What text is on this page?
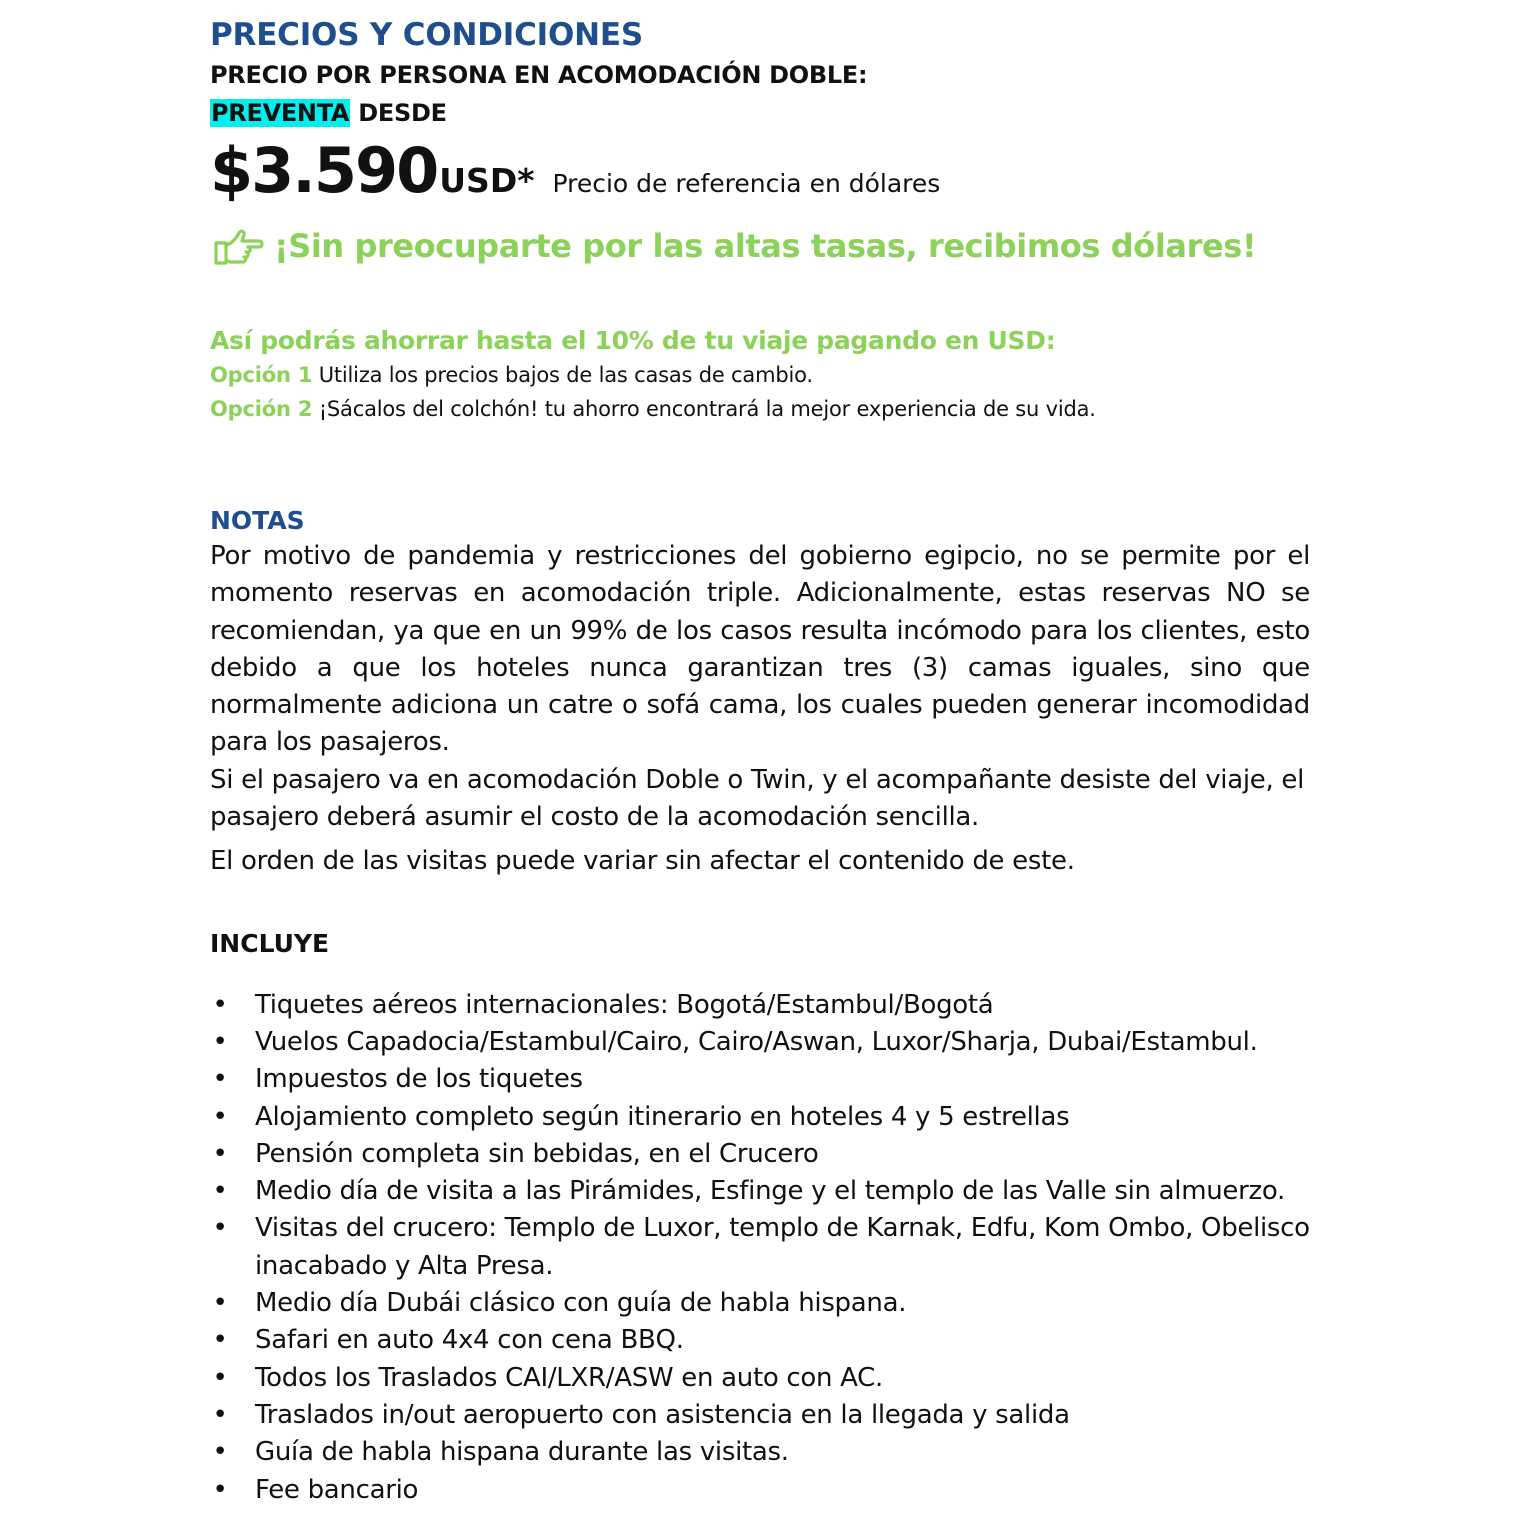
PRECIOS Y CONDICIONES

PRECIO POR PERSONA EN ACOMODACIÓN DOBLE:

PREVENTA DESDE

$3.590 USD* Precio de referencia en dólares
¡Sin preocuparte por las altas tasas, recibimos dólares!

Así podrás ahorrar hasta el 10% de tu viaje pagando en USD:

Opción 1 Utiliza los precios bajos de las casas de cambio.
Opción 2 ¡Sácalos del colchón! tu ahorro encontrará la mejor experiencia de su vida.
NOTAS

Por motivo de pandemia y restricciones del gobierno egipcio, no se permite por el momento reservas en acomodación triple. Adicionalmente, estas reservas NO se recomiendan, ya que en un 99% de los casos resulta incómodo para los clientes, esto debido a que los hoteles nunca garantizan tres (3) camas iguales, sino que normalmente adiciona un catre o sofá cama, los cuales pueden generar incomodidad para los pasajeros.

Si el pasajero va en acomodación Doble o Twin, y el acompañante desiste del viaje, el pasajero deberá asumir el costo de la acomodación sencilla.

El orden de las visitas puede variar sin afectar el contenido de este.

INCLUYE
• Tiquetes aéreos internacionales: Bogotá/Estambul/Bogotá
• Vuelos Capadocia/Estambul/Cairo, Cairo/Aswan, Luxor/Sharja, Dubai/Estambul.
• Impuestos de los tiquetes
• Alojamiento completo según itinerario en hoteles 4 y 5 estrellas
• Pensión completa sin bebidas, en el Crucero
• Medio día de visita a las Pirámides, Esfinge y el templo de las Valle sin almuerzo.
• Visitas del crucero: Templo de Luxor, templo de Karnak, Edfu, Kom Ombo, Obelisco inacabado y Alta Presa.
• Medio día Dubái clásico con guía de habla hispana.
• Safari en auto 4x4 con cena BBQ.
• Todos los Traslados CAI/LXR/ASW en auto con AC.
• Traslados in/out aeropuerto con asistencia en la llegada y salida
• Guía de habla hispana durante las visitas.
• Fee bancario
